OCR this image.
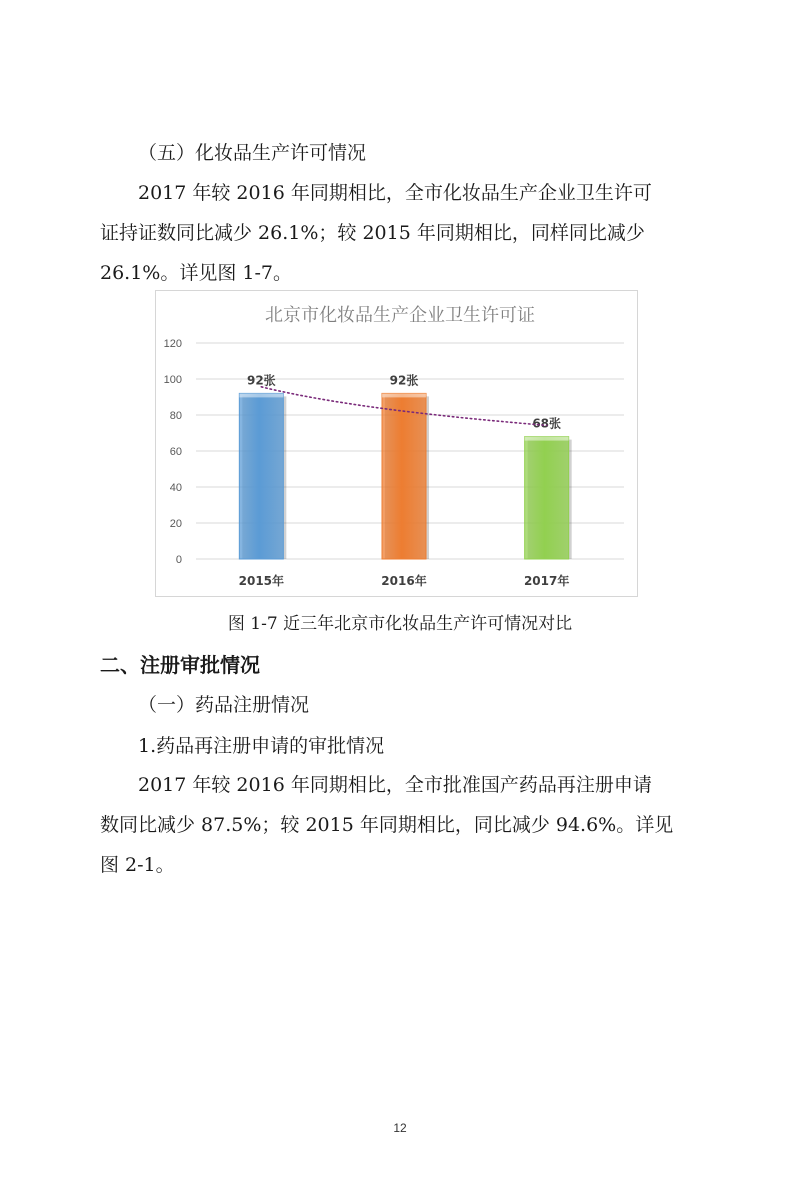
（五）化妆品生产许可情况
2017 年较 2016 年同期相比，全市化妆品生产企业卫生许可
证持证数同比减少 26.1%；较 2015 年同期相比，同样同比减少
26.1%。详见图 1-7。
北京市化妆品生产企业卫生许可证
0
20
40
60
80
100
120
92张
2015年
92张
2016年
68张
2017年
图 1-7 近三年北京市化妆品生产许可情况对比
二、注册审批情况
（一）药品注册情况
1.药品再注册申请的审批情况
2017 年较 2016 年同期相比，全市批准国产药品再注册申请
数同比减少 87.5%；较 2015 年同期相比，同比减少 94.6%。详见
图 2-1。
12
